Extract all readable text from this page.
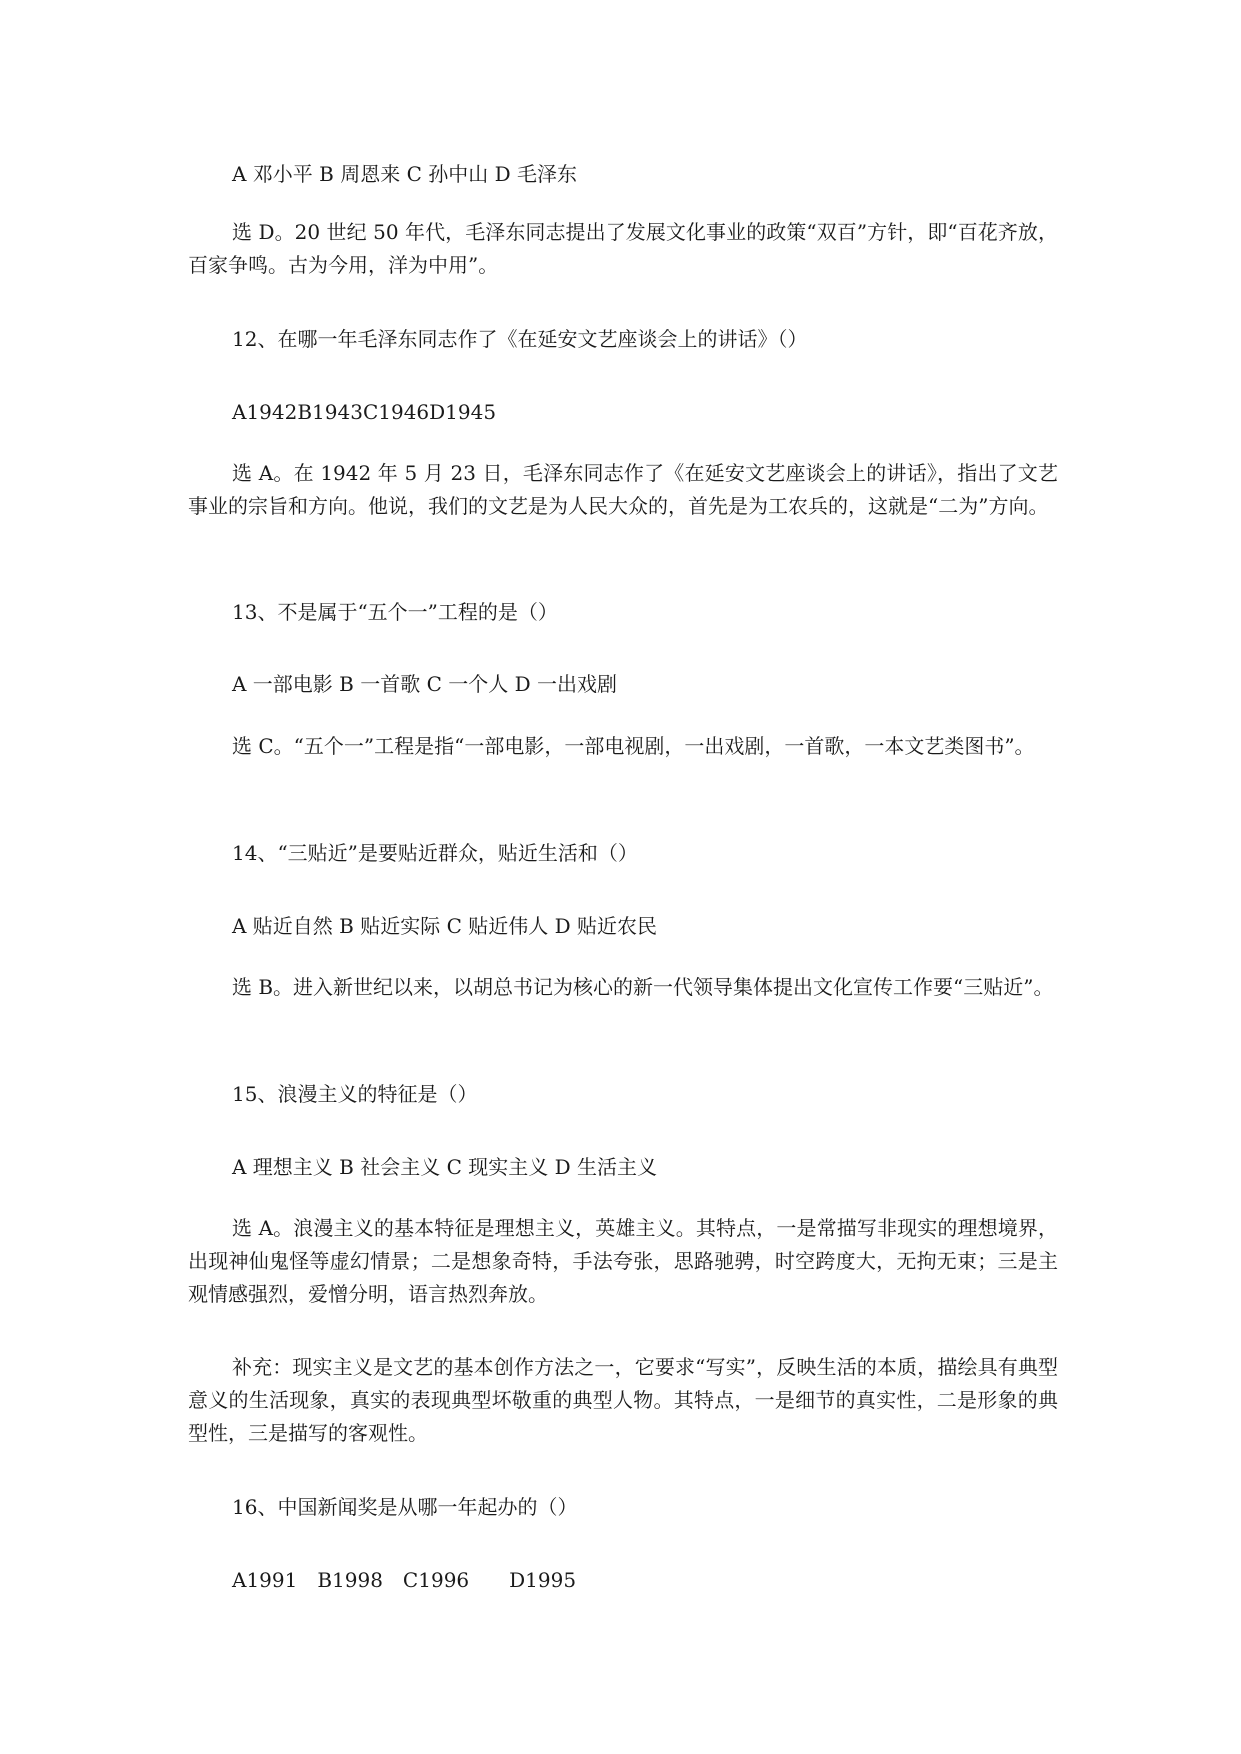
A 邓小平 B 周恩来 C 孙中山 D 毛泽东
选 D。20 世纪 50 年代，毛泽东同志提出了发展文化事业的政策“双百”方针，即“百花齐放，百家争鸣。古为今用，洋为中用”。
12、在哪一年毛泽东同志作了《在延安文艺座谈会上的讲话》（）
A1942B1943C1946D1945
选 A。在 1942 年 5 月 23 日，毛泽东同志作了《在延安文艺座谈会上的讲话》，指出了文艺事业的宗旨和方向。他说，我们的文艺是为人民大众的，首先是为工农兵的，这就是“二为”方向。
13、不是属于“五个一”工程的是（）
A 一部电影 B 一首歌 C 一个人 D 一出戏剧
选 C。“五个一”工程是指“一部电影，一部电视剧，一出戏剧，一首歌，一本文艺类图书”。
14、“三贴近”是要贴近群众，贴近生活和（）
A 贴近自然 B 贴近实际 C 贴近伟人 D 贴近农民
选 B。进入新世纪以来，以胡总书记为核心的新一代领导集体提出文化宣传工作要“三贴近”。
15、浪漫主义的特征是（）
A 理想主义 B 社会主义 C 现实主义 D 生活主义
选 A。浪漫主义的基本特征是理想主义，英雄主义。其特点，一是常描写非现实的理想境界，出现神仙鬼怪等虚幻情景；二是想象奇特，手法夸张，思路驰骋，时空跨度大，无拘无束；三是主观情感强烈，爱憎分明，语言热烈奔放。
补充：现实主义是文艺的基本创作方法之一，它要求“写实”，反映生活的本质，描绘具有典型意义的生活现象，真实的表现典型坏敬重的典型人物。其特点，一是细节的真实性，二是形象的典型性，三是描写的客观性。
16、中国新闻奖是从哪一年起办的（）
A1991　B1998　C1996　　D1995
